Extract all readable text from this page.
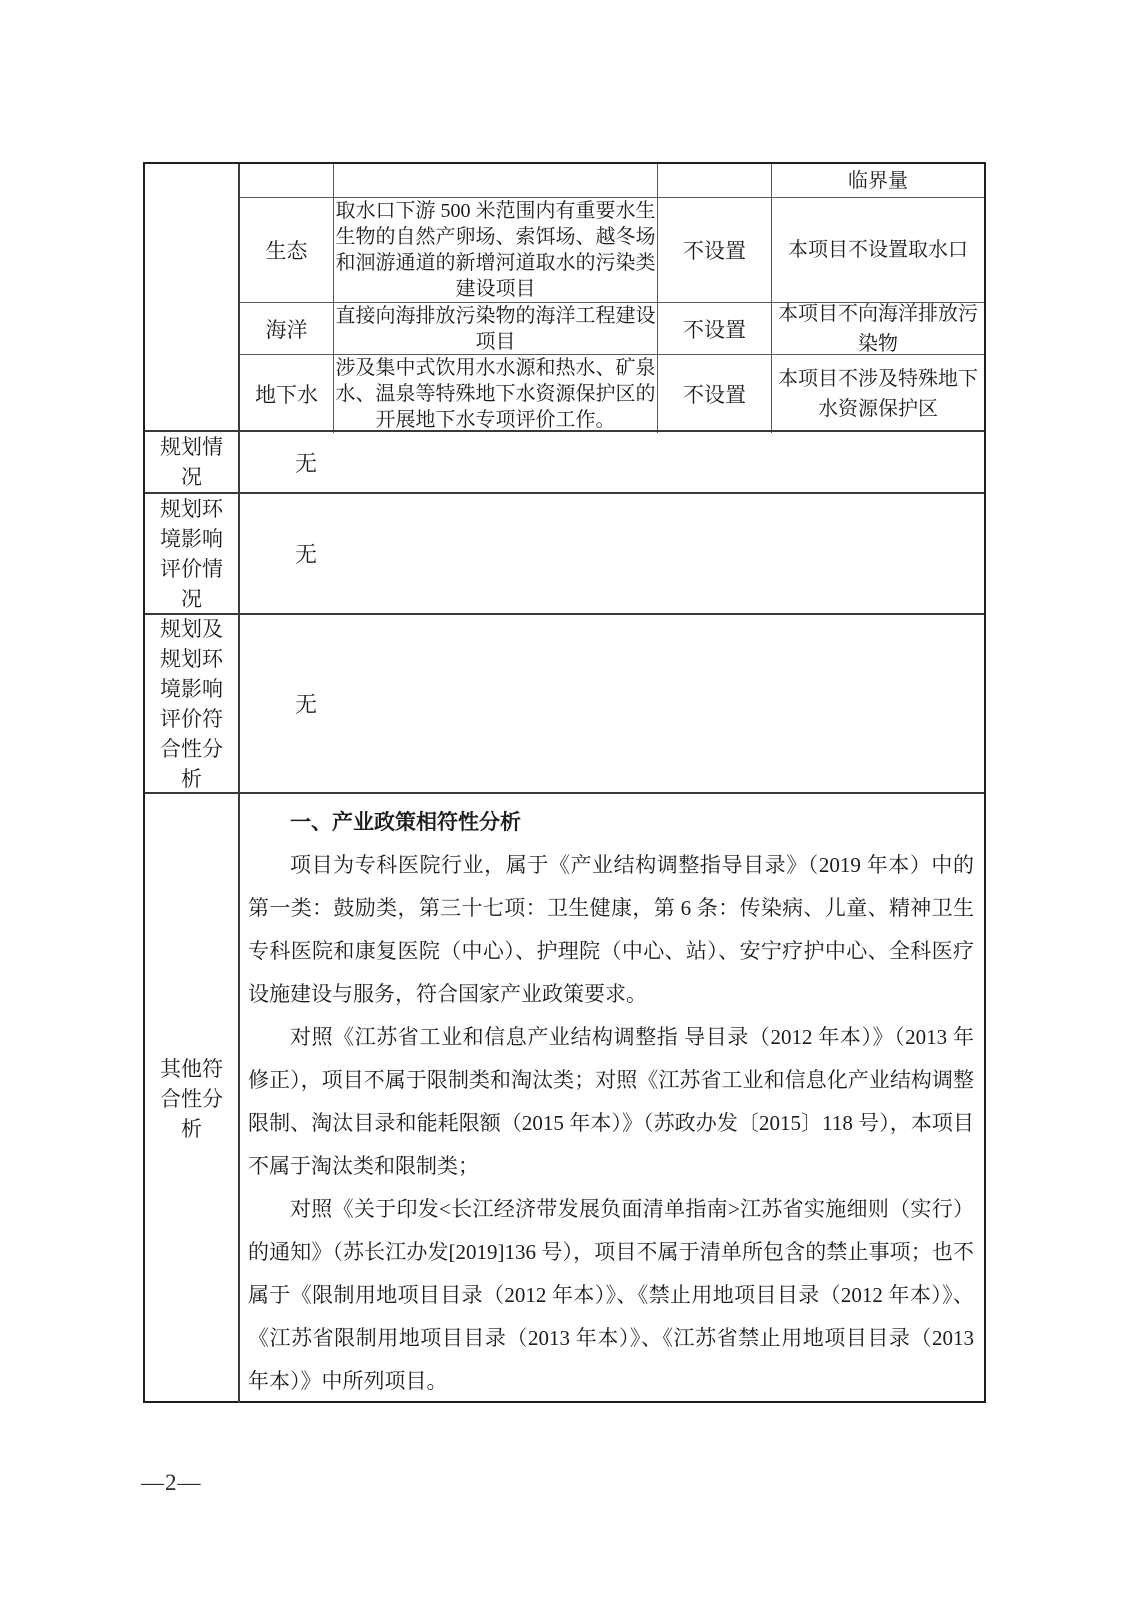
临界量
生态
取水口下游 500 米范围内有重要水生生物的自然产卵场、索饵场、越冬场和洄游通道的新增河道取水的污染类建设项目
不设置	本项目不设置取水口
海洋
直接向海排放污染物的海洋工程建设项目	不设置
本项目不向海洋排放污染物
地下水
涉及集中式饮用水水源和热水、矿泉水、温泉等特殊地下水资源保护区的开展地下水专项评价工作。
不设置
本项目不涉及特殊地下水资源保护区
规划情况
无
规划环境影响评价情况
无
规划及规划环境影响评价符合性分析
无
其他符合性分析

一、产业政策相符性分析

项目为专科医院行业，属于《产业结构调整指导目录》（2019 年本）中的第一类：鼓励类，第三十七项：卫生健康，第 6 条：传染病、儿童、精神卫生专科医院和康复医院（中心）、护理院（中心、站）、安宁疗护中心、全科医疗设施建设与服务，符合国家产业政策要求。

对照《江苏省工业和信息产业结构调整指 导目录（2012 年本）》（2013 年修正），项目不属于限制类和淘汰类；对照《江苏省工业和信息化产业结构调整限制、淘汰目录和能耗限额（2015 年本）》（苏政办发〔2015〕118 号），本项目不属于淘汰类和限制类；

对照《关于印发<长江经济带发展负面清单指南>江苏省实施细则（实行）的通知》（苏长江办发[2019]136 号），项目不属于清单所包含的禁止事项；也不属于《限制用地项目目录（2012 年本）》、《禁止用地项目目录（2012 年本）》、《江苏省限制用地项目目录（2013 年本）》、《江苏省禁止用地项目目录（2013 年本）》中所列项目。

—2—
